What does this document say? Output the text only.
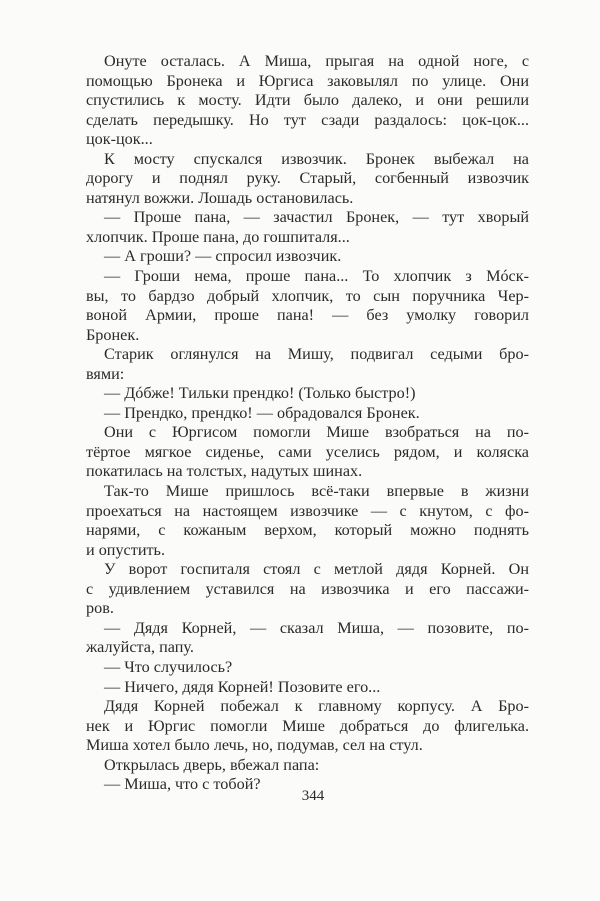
Онуте осталась. А Миша, прыгая на одной ноге, с
помощью Бронека и Юргиса заковылял по улице. Они
спустились к мосту. Идти было далеко, и они решили
сделать передышку. Но тут сзади раздалось: цок-цок...
цок-цок...
К мосту спускался извозчик. Бронек выбежал на
дорогу и поднял руку. Старый, согбенный извозчик
натянул вожжи. Лошадь остановилась.
— Проше пана, — зачастил Бронек, — тут хворый
хлопчик. Проше пана, до гошпиталя...
— А гроши? — спросил извозчик.
— Гроши нема, проше пана... То хлопчик з Мóск-
вы, то бардзо добрый хлопчик, то сын поручника Чер-
воной Армии, проше пана! — без умолку говорил
Бронек.
Старик оглянулся на Мишу, подвигал седыми бро-
вями:
— Дóбже! Тильки прендко! (Только быстро!)
— Прендко, прендко! — обрадовался Бронек.
Они с Юргисом помогли Мише взобраться на по-
тёртое мягкое сиденье, сами уселись рядом, и коляска
покатилась на толстых, надутых шинах.
Так-то Мише пришлось всё-таки впервые в жизни
проехаться на настоящем извозчике — с кнутом, с фо-
нарями, с кожаным верхом, который можно поднять
и опустить.
У ворот госпиталя стоял с метлой дядя Корней. Он
с удивлением уставился на извозчика и его пассажи-
ров.
— Дядя Корней, — сказал Миша, — позовите, по-
жалуйста, папу.
— Что случилось?
— Ничего, дядя Корней! Позовите его...
Дядя Корней побежал к главному корпусу. А Бро-
нек и Юргис помогли Мише добраться до флигелька.
Миша хотел было лечь, но, подумав, сел на стул.
Открылась дверь, вбежал папа:
— Миша, что с тобой?
344
